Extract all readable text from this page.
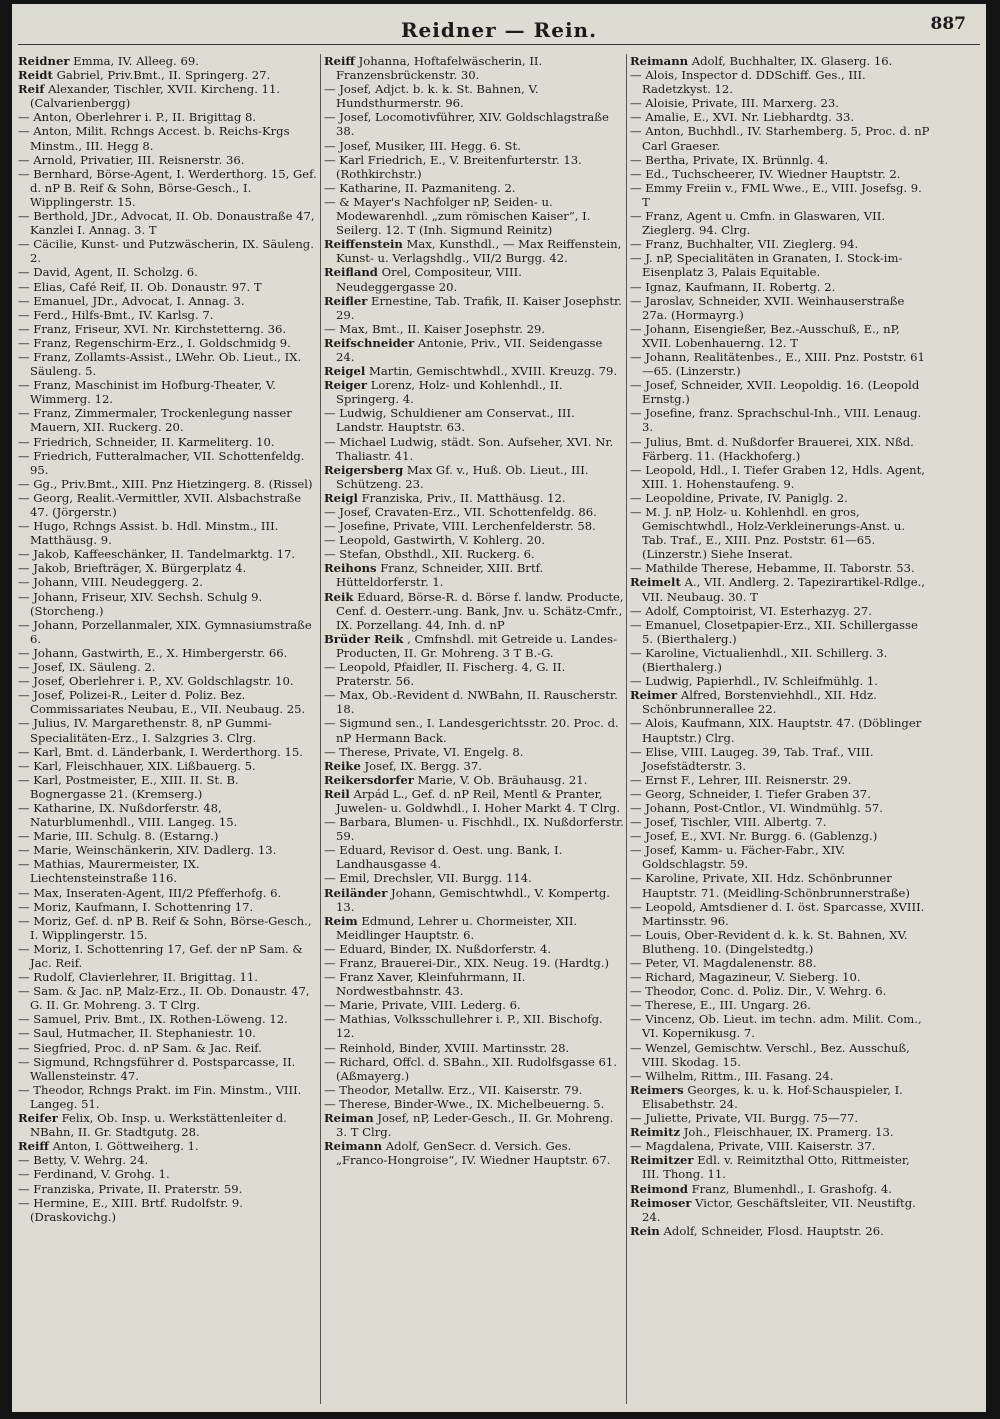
Reidner — Rein.	887

Reidner Emma, IV. Alleeg. 69.

Reidt Gabriel, Priv.Bmt., II. Springerg. 27.

Reif Alexander, Tischler, XVII. Kircheng. 11. (Calvarienbergg)

— Anton, Oberlehrer i. P., II. Brigittag 8.

— Anton, Milit. Rchngs Accest. b. Reichs-Krgs Minstm., III. Hegg 8.

— Arnold, Privatier, III. Reisnerstr. 36.

— Bernhard, Börse-Agent, I. Werderthorg. 15, Gef. d. nP B. Reif & Sohn, Börse-Gesch., I. Wipplingerstr. 15.

— Berthold, JDr., Advocat, II. Ob. Donaustraße 47, Kanzlei I. Annag. 3. T

— Cäcilie, Kunst- und Putzwäscherin, IX. Säuleng. 2.

— David, Agent, II. Scholzg. 6.

— Elias, Café Reif, II. Ob. Donaustr. 97. T

— Emanuel, JDr., Advocat, I. Annag. 3.

— Ferd., Hilfs-Bmt., IV. Karlsg. 7.

— Franz, Friseur, XVI. Nr. Kirchstetterng. 36.

— Franz, Regenschirm-Erz., I. Goldschmidg 9.

— Franz, Zollamts-Assist., LWehr. Ob. Lieut., IX. Säuleng. 5.

— Franz, Maschinist im Hofburg-Theater, V. Wimmerg. 12.

— Franz, Zimmermaler, Trockenlegung nasser Mauern, XII. Ruckerg. 20.

— Friedrich, Schneider, II. Karmeliterg. 10.

— Friedrich, Futteralmacher, VII. Schottenfeldg. 95.

— Gg., Priv.Bmt., XIII. Pnz Hietzingerg. 8. (Rissel)

— Georg, Realit.-Vermittler, XVII. Alsbachstraße 47. (Jörgerstr.)

— Hugo, Rchngs Assist. b. Hdl. Minstm., III. Matthäusg. 9.

— Jakob, Kaffeeschänker, II. Tandelmarktg. 17.

— Jakob, Briefträger, X. Bürgerplatz 4.

— Johann, VIII. Neudeggerg. 2.

— Johann, Friseur, XIV. Sechsh. Schulg 9. (Storcheng.)

— Johann, Porzellanmaler, XIX. Gymnasiumstraße 6.

— Johann, Gastwirth, E., X. Himbergerstr. 66.

— Josef, IX. Säuleng. 2.

— Josef, Oberlehrer i. P., XV. Goldschlagstr. 10.

— Josef, Polizei-R., Leiter d. Poliz. Bez. Commissariates Neubau, E., VII. Neubaug. 25.

— Julius, IV. Margarethenstr. 8, nP Gummi-Specialitäten-Erz., I. Salzgries 3. Clrg.

— Karl, Bmt. d. Länderbank, I. Werderthorg. 15.

— Karl, Fleischhauer, XIX. Lißbauerg. 5.

— Karl, Postmeister, E., XIII. II. St. B. Bognergasse 21. (Kremserg.)

— Katharine, IX. Nußdorferstr. 48, Naturblumenhdl., VIII. Langeg. 15.

— Marie, III. Schulg. 8. (Estarng.)

— Marie, Weinschänkerin, XIV. Dadlerg. 13.

— Mathias, Maurermeister, IX. Liechtensteinstraße 116.

— Max, Inseraten-Agent, III/2 Pfefferhofg. 6.

— Moriz, Kaufmann, I. Schottenring 17.

— Moriz, Gef. d. nP B. Reif & Sohn, Börse-Gesch., I. Wipplingerstr. 15.

— Moriz, I. Schottenring 17, Gef. der nP Sam. & Jac. Reif.

— Rudolf, Clavierlehrer, II. Brigittag. 11.

— Sam. & Jac. nP, Malz-Erz., II. Ob. Donaustr. 47, G. II. Gr. Mohreng. 3. T Clrg.

— Samuel, Priv. Bmt., IX. Rothen-Löweng. 12.

— Saul, Hutmacher, II. Stephaniestr. 10.

— Siegfried, Proc. d. nP Sam. & Jac. Reif.

— Sigmund, Rchngsführer d. Postsparcasse, II. Wallensteinstr. 47.

— Theodor, Rchngs Prakt. im Fin. Minstm., VIII. Langeg. 51.

Reifer Felix, Ob. Insp. u. Werkstättenleiter d. NBahn, II. Gr. Stadtgutg. 28.

Reiff Anton, I. Göttweiherg. 1.

— Betty, V. Wehrg. 24.

— Ferdinand, V. Grohg. 1.

— Franziska, Private, II. Praterstr. 59.

— Hermine, E., XIII. Brtf. Rudolfstr. 9. (Draskovichg.)

Reiff Johanna, Hoftafelwäscherin, II. Franzensbrückenstr. 30.

— Josef, Adjct. b. k. k. St. Bahnen, V. Hundsthurmerstr. 96.

— Josef, Locomotivführer, XIV. Goldschlagstraße 38.

— Josef, Musiker, III. Hegg. 6. St.

— Karl Friedrich, E., V. Breitenfurterstr. 13. (Rothkirchstr.)

— Katharine, II. Pazmaniteng. 2.

— & Mayer's Nachfolger nP, Seiden- u. Modewarenhdl. „zum römischen Kaiser“, I. Seilerg. 12. T (Inh. Sigmund Reinitz)

Reiffenstein Max, Kunsthdl., — Max Reiffenstein, Kunst- u. Verlagshdlg., VII/2 Burgg. 42.

Reifland Orel, Compositeur, VIII. Neudeggergasse 20.

Reifler Ernestine, Tab. Trafik, II. Kaiser Josephstr. 29.

— Max, Bmt., II. Kaiser Josephstr. 29.

Reifschneider Antonie, Priv., VII. Seidengasse 24.

Reigel Martin, Gemischtwhdl., XVIII. Kreuzg. 79.

Reiger Lorenz, Holz- und Kohlenhdl., II. Springerg. 4.

— Ludwig, Schuldiener am Conservat., III. Landstr. Hauptstr. 63.

— Michael Ludwig, städt. Son. Aufseher, XVI. Nr. Thaliastr. 41.

Reigersberg Max Gf. v., Huß. Ob. Lieut., III. Schützeng. 23.

Reigl Franziska, Priv., II. Matthäusg. 12.

— Josef, Cravaten-Erz., VII. Schottenfeldg. 86.

— Josefine, Private, VIII. Lerchenfelderstr. 58.

— Leopold, Gastwirth, V. Kohlerg. 20.

— Stefan, Obsthdl., XII. Ruckerg. 6.

Reihons Franz, Schneider, XIII. Brtf. Hütteldorferstr. 1.

Reik Eduard, Börse-R. d. Börse f. landw. Producte, Cenf. d. Oesterr.-ung. Bank, Jnv. u. Schätz-Cmfr., IX. Porzellang. 44, Inh. d. nP

Brüder Reik , Cmfnshdl. mit Getreide u. Landes-Producten, II. Gr. Mohreng. 3 T B.-G.

— Leopold, Pfaidler, II. Fischerg. 4, G. II. Praterstr. 56.

— Max, Ob.-Revident d. NWBahn, II. Rauscherstr. 18.

— Sigmund sen., I. Landesgerichtsstr. 20. Proc. d. nP Hermann Back.

— Therese, Private, VI. Engelg. 8.

Reike Josef, IX. Bergg. 37.

Reikersdorfer Marie, V. Ob. Bräuhausg. 21.

Reil Arpád L., Gef. d. nP Reil, Mentl & Pranter, Juwelen- u. Goldwhdl., I. Hoher Markt 4. T Clrg.

— Barbara, Blumen- u. Fischhdl., IX. Nußdorferstr. 59.

— Eduard, Revisor d. Oest. ung. Bank, I. Landhausgasse 4.

— Emil, Drechsler, VII. Burgg. 114.

Reiländer Johann, Gemischtwhdl., V. Kompertg. 13.

Reim Edmund, Lehrer u. Chormeister, XII. Meidlinger Hauptstr. 6.

— Eduard, Binder, IX. Nußdorferstr. 4.

— Franz, Brauerei-Dir., XIX. Neug. 19. (Hardtg.)

— Franz Xaver, Kleinfuhrmann, II. Nordwestbahnstr. 43.

— Marie, Private, VIII. Lederg. 6.

— Mathias, Volksschullehrer i. P., XII. Bischofg. 12.

— Reinhold, Binder, XVIII. Martinsstr. 28.

— Richard, Offcl. d. SBahn., XII. Rudolfsgasse 61. (Aßmayerg.)

— Theodor, Metallw. Erz., VII. Kaiserstr. 79.

— Therese, Binder-Wwe., IX. Michelbeuerng. 5.

Reiman Josef, nP, Leder-Gesch., II. Gr. Mohreng. 3. T Clrg.

Reimann Adolf, GenSecr. d. Versich. Ges. „Franco-Hongroise“, IV. Wiedner Hauptstr. 67.

Reimann Adolf, Buchhalter, IX. Glaserg. 16.

— Alois, Inspector d. DDSchiff. Ges., III. Radetzkyst. 12.

— Aloisie, Private, III. Marxerg. 23.

— Amalie, E., XVI. Nr. Liebhardtg. 33.

— Anton, Buchhdl., IV. Starhemberg. 5, Proc. d. nP Carl Graeser.

— Bertha, Private, IX. Brünnlg. 4.

— Ed., Tuchscheerer, IV. Wiedner Hauptstr. 2.

— Emmy Freiin v., FML Wwe., E., VIII. Josefsg. 9. T

— Franz, Agent u. Cmfn. in Glaswaren, VII. Zieglerg. 94. Clrg.

— Franz, Buchhalter, VII. Zieglerg. 94.

— J. nP, Specialitäten in Granaten, I. Stock-im-Eisenplatz 3, Palais Equitable.

— Ignaz, Kaufmann, II. Robertg. 2.

— Jaroslav, Schneider, XVII. Weinhauserstraße 27a. (Hormayrg.)

— Johann, Eisengießer, Bez.-Ausschuß, E., nP, XVII. Lobenhauerng. 12. T

— Johann, Realitätenbes., E., XIII. Pnz. Poststr. 61—65. (Linzerstr.)

— Josef, Schneider, XVII. Leopoldig. 16. (Leopold Ernstg.)

— Josefine, franz. Sprachschul-Inh., VIII. Lenaug. 3.

— Julius, Bmt. d. Nußdorfer Brauerei, XIX. Nßd. Färberg. 11. (Hackhoferg.)

— Leopold, Hdl., I. Tiefer Graben 12, Hdls. Agent, XIII. 1. Hohenstaufeng. 9.

— Leopoldine, Private, IV. Paniglg. 2.

— M. J. nP, Holz- u. Kohlenhdl. en gros, Gemischtwhdl., Holz-Verkleinerungs-Anst. u. Tab. Traf., E., XIII. Pnz. Poststr. 61—65. (Linzerstr.) Siehe Inserat.

— Mathilde Therese, Hebamme, II. Taborstr. 53.

Reimelt A., VII. Andlerg. 2. Tapezirartikel-Rdlge., VII. Neubaug. 30. T

— Adolf, Comptoirist, VI. Esterhazyg. 27.

— Emanuel, Closetpapier-Erz., XII. Schillergasse 5. (Bierthalerg.)

— Karoline, Victualienhdl., XII. Schillerg. 3. (Bierthalerg.)

— Ludwig, Papierhdl., IV. Schleifmühlg. 1.

Reimer Alfred, Borstenviehhdl., XII. Hdz. Schönbrunnerallee 22.

— Alois, Kaufmann, XIX. Hauptstr. 47. (Döblinger Hauptstr.) Clrg.

— Elise, VIII. Laugeg. 39, Tab. Traf., VIII. Josefstädterstr. 3.

— Ernst F., Lehrer, III. Reisnerstr. 29.

— Georg, Schneider, I. Tiefer Graben 37.

— Johann, Post-Cntlor., VI. Windmühlg. 57.

— Josef, Tischler, VIII. Albertg. 7.

— Josef, E., XVI. Nr. Burgg. 6. (Gablenzg.)

— Josef, Kamm- u. Fächer-Fabr., XIV. Goldschlagstr. 59.

— Karoline, Private, XII. Hdz. Schönbrunner Hauptstr. 71. (Meidling-Schönbrunnerstraße)

— Leopold, Amtsdiener d. I. öst. Sparcasse, XVIII. Martinsstr. 96.

— Louis, Ober-Revident d. k. k. St. Bahnen, XV. Blutheng. 10. (Dingelstedtg.)

— Peter, VI. Magdalenenstr. 88.

— Richard, Magazineur, V. Sieberg. 10.

— Theodor, Conc. d. Poliz. Dir., V. Wehrg. 6.

— Therese, E., III. Ungarg. 26.

— Vincenz, Ob. Lieut. im techn. adm. Milit. Com., VI. Kopernikusg. 7.

— Wenzel, Gemischtw. Verschl., Bez. Ausschuß, VIII. Skodag. 15.

— Wilhelm, Rittm., III. Fasang. 24.

Reimers Georges, k. u. k. Hof-Schauspieler, I. Elisabethstr. 24.

— Juliette, Private, VII. Burgg. 75—77.

Reimitz Joh., Fleischhauer, IX. Pramerg. 13.

— Magdalena, Private, VIII. Kaiserstr. 37.

Reimitzer Edl. v. Reimitzthal Otto, Rittmeister, III. Thong. 11.

Reimond Franz, Blumenhdl., I. Grashofg. 4.

Reimoser Victor, Geschäftsleiter, VII. Neustiftg. 24.

Rein Adolf, Schneider, Flosd. Hauptstr. 26.
